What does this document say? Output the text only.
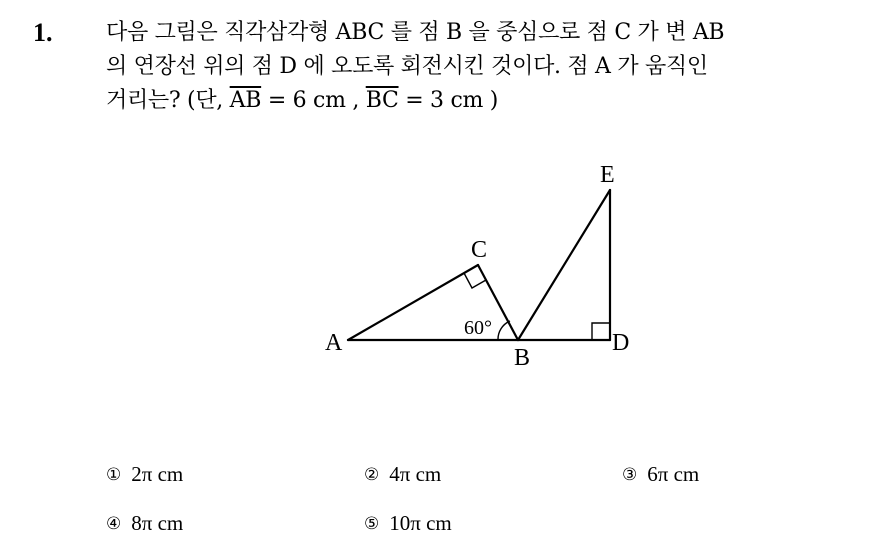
1. 다음 그림은 직각삼각형 ABC 를 점 B 을 중심으로 점 C 가 변 AB
의 연장선 위의 점 D 에 오도록 회전시킨 것이다. 점 A 가 움직인
거리는? (단, $\overline{AB} = 6$ cm , $\overline{BC} = 3$ cm )
A
B
C
D
E
60°
① 2π cm	② 4π cm	③ 6π cm
④ 8π cm	⑤ 10π cm
